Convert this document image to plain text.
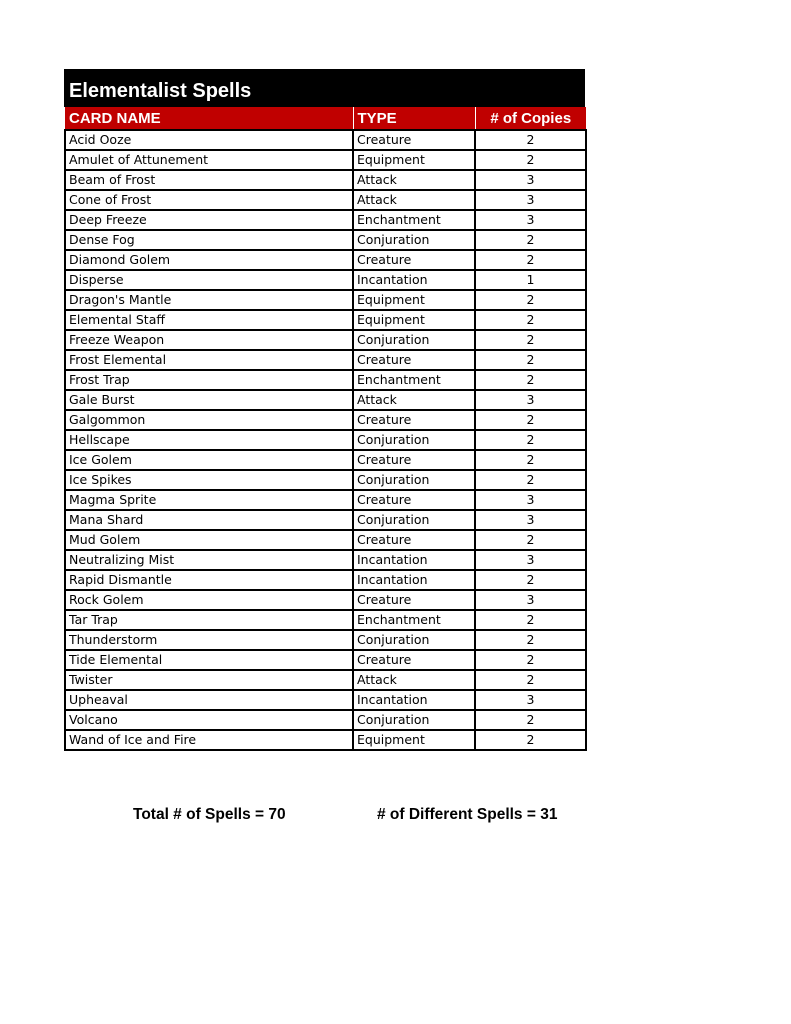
Elementalist Spells
CARD NAME	TYPE	# of Copies
Acid Ooze	Creature	2
Amulet of Attunement	Equipment	2
Beam of Frost	Attack	3
Cone of Frost	Attack	3
Deep Freeze	Enchantment	3
Dense Fog	Conjuration	2
Diamond Golem	Creature	2
Disperse	Incantation	1
Dragon's Mantle	Equipment	2
Elemental Staff	Equipment	2
Freeze Weapon	Conjuration	2
Frost Elemental	Creature	2
Frost Trap	Enchantment	2
Gale Burst	Attack	3
Galgommon	Creature	2
Hellscape	Conjuration	2
Ice Golem	Creature	2
Ice Spikes	Conjuration	2
Magma Sprite	Creature	3
Mana Shard	Conjuration	3
Mud Golem	Creature	2
Neutralizing Mist	Incantation	3
Rapid Dismantle	Incantation	2
Rock Golem	Creature	3
Tar Trap	Enchantment	2
Thunderstorm	Conjuration	2
Tide Elemental	Creature	2
Twister	Attack	2
Upheaval	Incantation	3
Volcano	Conjuration	2
Wand of Ice and Fire	Equipment	2
Total # of Spells = 70	# of Different Spells = 31
